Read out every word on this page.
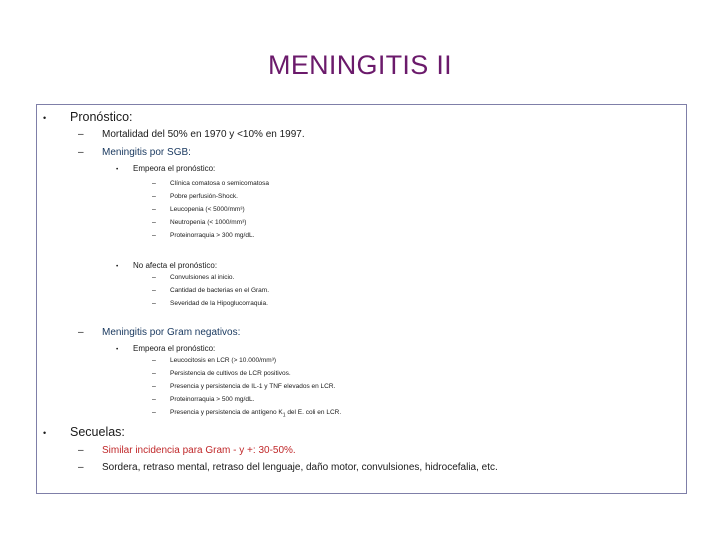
MENINGITIS II
• Pronóstico:
– Mortalidad del 50% en 1970 y <10% en 1997.
– Meningitis por SGB:
• Empeora el pronóstico:
– Clínica comatosa o semicomatosa
– Pobre perfusión-Shock.
– Leucopenia (< 5000/mm³)
– Neutropenia (< 1000/mm³)
– Proteinorraquia > 300 mg/dL.
• No afecta el pronóstico:
– Convulsiones al inicio.
– Cantidad de bacterias en el Gram.
– Severidad de la Hipoglucorraquia.
– Meningitis por Gram negativos:
• Empeora el pronóstico:
– Leucocitosis en LCR (> 10.000/mm³)
– Persistencia de cultivos de LCR positivos.
– Presencia y persistencia de IL-1 y TNF elevados en LCR.
– Proteinorraquia > 500 mg/dL.
– Presencia y persistencia de antígeno $K_1$ del E. coli en LCR.
• Secuelas:
– Similar incidencia para Gram - y +: 30-50%.
– Sordera, retraso mental, retraso del lenguaje, daño motor, convulsiones, hidrocefalia, etc.
